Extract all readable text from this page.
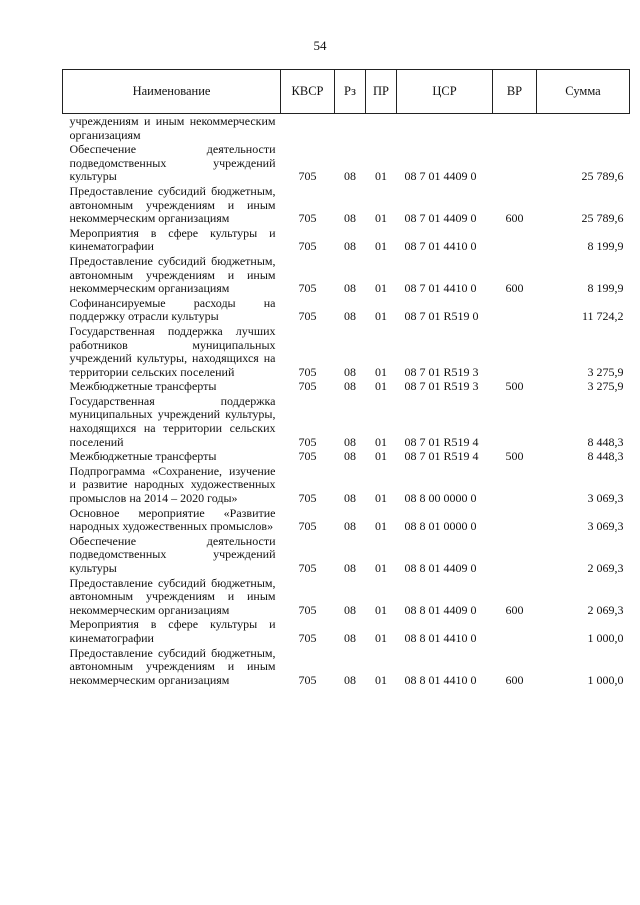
54
Наименование	КВСР	Рз	ПР	ЦСР	ВР	Сумма
учреждениям и иным некоммерческим организациям						
Обеспечение деятельности подведомственных учреждений культуры	705	08	01	08 7 01 4409 0		25 789,6
Предоставление субсидий бюджетным, автономным учреждениям и иным некоммерческим организациям	705	08	01	08 7 01 4409 0	600	25 789,6
Мероприятия в сфере культуры и кинематографии	705	08	01	08 7 01 4410 0		8 199,9
Предоставление субсидий бюджетным, автономным учреждениям и иным некоммерческим организациям	705	08	01	08 7 01 4410 0	600	8 199,9
Софинансируемые расходы на поддержку отрасли культуры	705	08	01	08 7 01 R519 0		11 724,2
Государственная поддержка лучших работников муниципальных учреждений культуры, находящихся на территории сельских поселений	705	08	01	08 7 01 R519 3		3 275,9
Межбюджетные трансферты	705	08	01	08 7 01 R519 3	500	3 275,9
Государственная поддержка муниципальных учреждений культуры, находящихся на территории сельских поселений	705	08	01	08 7 01 R519 4		8 448,3
Межбюджетные трансферты	705	08	01	08 7 01 R519 4	500	8 448,3
Подпрограмма «Сохранение, изучение и развитие народных художественных промыслов на 2014 – 2020 годы»	705	08	01	08 8 00 0000 0		3 069,3
Основное мероприятие «Развитие народных художественных промыслов»	705	08	01	08 8 01 0000 0		3 069,3
Обеспечение деятельности подведомственных учреждений культуры	705	08	01	08 8 01 4409 0		2 069,3
Предоставление субсидий бюджетным, автономным учреждениям и иным некоммерческим организациям	705	08	01	08 8 01 4409 0	600	2 069,3
Мероприятия в сфере культуры и кинематографии	705	08	01	08 8 01 4410 0		1 000,0
Предоставление субсидий бюджетным, автономным учреждениям и иным некоммерческим организациям	705	08	01	08 8 01 4410 0	600	1 000,0
